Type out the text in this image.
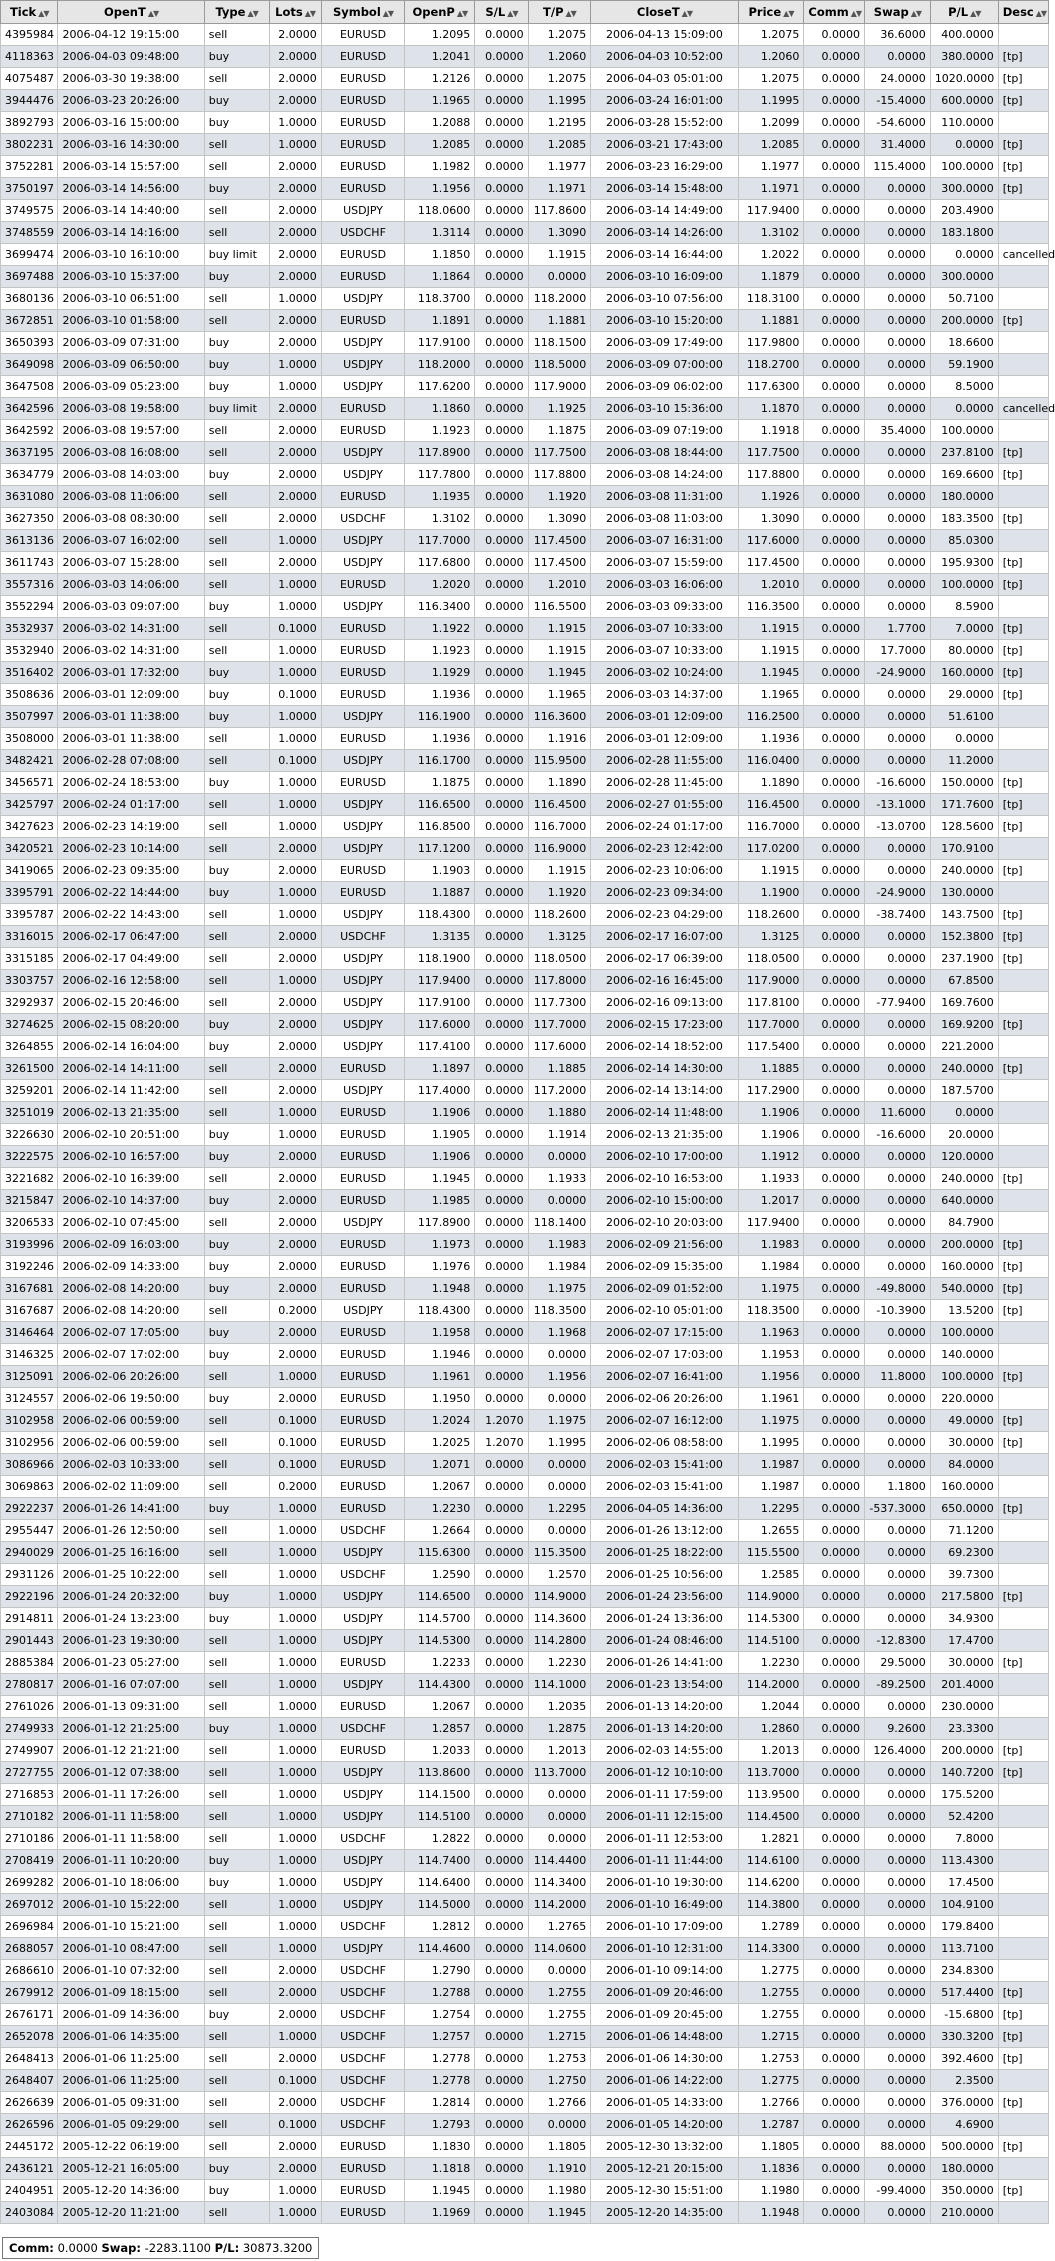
Tick ▲▼	OpenT ▲▼	Type ▲▼	Lots ▲▼	Symbol ▲▼	OpenP ▲▼	S/L ▲▼	T/P ▲▼	CloseT ▲▼	Price ▲▼	Comm ▲▼	Swap ▲▼	P/L ▲▼	Desc ▲▼
4395984	2006-04-12 19:15:00	sell	2.0000	EURUSD	1.2095	0.0000	1.2075	2006-04-13 15:09:00	1.2075	0.0000	36.6000	400.0000	
4118363	2006-04-03 09:48:00	buy	2.0000	EURUSD	1.2041	0.0000	1.2060	2006-04-03 10:52:00	1.2060	0.0000	0.0000	380.0000	[tp]
4075487	2006-03-30 19:38:00	sell	2.0000	EURUSD	1.2126	0.0000	1.2075	2006-04-03 05:01:00	1.2075	0.0000	24.0000	1020.0000	[tp]
3944476	2006-03-23 20:26:00	buy	2.0000	EURUSD	1.1965	0.0000	1.1995	2006-03-24 16:01:00	1.1995	0.0000	-15.4000	600.0000	[tp]
3892793	2006-03-16 15:00:00	buy	1.0000	EURUSD	1.2088	0.0000	1.2195	2006-03-28 15:52:00	1.2099	0.0000	-54.6000	110.0000	
3802231	2006-03-16 14:30:00	sell	1.0000	EURUSD	1.2085	0.0000	1.2085	2006-03-21 17:43:00	1.2085	0.0000	31.4000	0.0000	[tp]
3752281	2006-03-14 15:57:00	sell	2.0000	EURUSD	1.1982	0.0000	1.1977	2006-03-23 16:29:00	1.1977	0.0000	115.4000	100.0000	[tp]
3750197	2006-03-14 14:56:00	buy	2.0000	EURUSD	1.1956	0.0000	1.1971	2006-03-14 15:48:00	1.1971	0.0000	0.0000	300.0000	[tp]
3749575	2006-03-14 14:40:00	sell	2.0000	USDJPY	118.0600	0.0000	117.8600	2006-03-14 14:49:00	117.9400	0.0000	0.0000	203.4900	
3748559	2006-03-14 14:16:00	sell	2.0000	USDCHF	1.3114	0.0000	1.3090	2006-03-14 14:26:00	1.3102	0.0000	0.0000	183.1800	
3699474	2006-03-10 16:10:00	buy limit	2.0000	EURUSD	1.1850	0.0000	1.1915	2006-03-14 16:44:00	1.2022	0.0000	0.0000	0.0000	cancelled
3697488	2006-03-10 15:37:00	buy	2.0000	EURUSD	1.1864	0.0000	0.0000	2006-03-10 16:09:00	1.1879	0.0000	0.0000	300.0000	
3680136	2006-03-10 06:51:00	sell	1.0000	USDJPY	118.3700	0.0000	118.2000	2006-03-10 07:56:00	118.3100	0.0000	0.0000	50.7100	
3672851	2006-03-10 01:58:00	sell	2.0000	EURUSD	1.1891	0.0000	1.1881	2006-03-10 15:20:00	1.1881	0.0000	0.0000	200.0000	[tp]
3650393	2006-03-09 07:31:00	buy	2.0000	USDJPY	117.9100	0.0000	118.1500	2006-03-09 17:49:00	117.9800	0.0000	0.0000	18.6600	
3649098	2006-03-09 06:50:00	buy	1.0000	USDJPY	118.2000	0.0000	118.5000	2006-03-09 07:00:00	118.2700	0.0000	0.0000	59.1900	
3647508	2006-03-09 05:23:00	buy	1.0000	USDJPY	117.6200	0.0000	117.9000	2006-03-09 06:02:00	117.6300	0.0000	0.0000	8.5000	
3642596	2006-03-08 19:58:00	buy limit	2.0000	EURUSD	1.1860	0.0000	1.1925	2006-03-10 15:36:00	1.1870	0.0000	0.0000	0.0000	cancelled
3642592	2006-03-08 19:57:00	sell	2.0000	EURUSD	1.1923	0.0000	1.1875	2006-03-09 07:19:00	1.1918	0.0000	35.4000	100.0000	
3637195	2006-03-08 16:08:00	sell	2.0000	USDJPY	117.8900	0.0000	117.7500	2006-03-08 18:44:00	117.7500	0.0000	0.0000	237.8100	[tp]
3634779	2006-03-08 14:03:00	buy	2.0000	USDJPY	117.7800	0.0000	117.8800	2006-03-08 14:24:00	117.8800	0.0000	0.0000	169.6600	[tp]
3631080	2006-03-08 11:06:00	sell	2.0000	EURUSD	1.1935	0.0000	1.1920	2006-03-08 11:31:00	1.1926	0.0000	0.0000	180.0000	
3627350	2006-03-08 08:30:00	sell	2.0000	USDCHF	1.3102	0.0000	1.3090	2006-03-08 11:03:00	1.3090	0.0000	0.0000	183.3500	[tp]
3613136	2006-03-07 16:02:00	sell	1.0000	USDJPY	117.7000	0.0000	117.4500	2006-03-07 16:31:00	117.6000	0.0000	0.0000	85.0300	
3611743	2006-03-07 15:28:00	sell	2.0000	USDJPY	117.6800	0.0000	117.4500	2006-03-07 15:59:00	117.4500	0.0000	0.0000	195.9300	[tp]
3557316	2006-03-03 14:06:00	sell	1.0000	EURUSD	1.2020	0.0000	1.2010	2006-03-03 16:06:00	1.2010	0.0000	0.0000	100.0000	[tp]
3552294	2006-03-03 09:07:00	buy	1.0000	USDJPY	116.3400	0.0000	116.5500	2006-03-03 09:33:00	116.3500	0.0000	0.0000	8.5900	
3532937	2006-03-02 14:31:00	sell	0.1000	EURUSD	1.1922	0.0000	1.1915	2006-03-07 10:33:00	1.1915	0.0000	1.7700	7.0000	[tp]
3532940	2006-03-02 14:31:00	sell	1.0000	EURUSD	1.1923	0.0000	1.1915	2006-03-07 10:33:00	1.1915	0.0000	17.7000	80.0000	[tp]
3516402	2006-03-01 17:32:00	buy	1.0000	EURUSD	1.1929	0.0000	1.1945	2006-03-02 10:24:00	1.1945	0.0000	-24.9000	160.0000	[tp]
3508636	2006-03-01 12:09:00	buy	0.1000	EURUSD	1.1936	0.0000	1.1965	2006-03-03 14:37:00	1.1965	0.0000	0.0000	29.0000	[tp]
3507997	2006-03-01 11:38:00	buy	1.0000	USDJPY	116.1900	0.0000	116.3600	2006-03-01 12:09:00	116.2500	0.0000	0.0000	51.6100	
3508000	2006-03-01 11:38:00	sell	1.0000	EURUSD	1.1936	0.0000	1.1916	2006-03-01 12:09:00	1.1936	0.0000	0.0000	0.0000	
3482421	2006-02-28 07:08:00	sell	0.1000	USDJPY	116.1700	0.0000	115.9500	2006-02-28 11:55:00	116.0400	0.0000	0.0000	11.2000	
3456571	2006-02-24 18:53:00	buy	1.0000	EURUSD	1.1875	0.0000	1.1890	2006-02-28 11:45:00	1.1890	0.0000	-16.6000	150.0000	[tp]
3425797	2006-02-24 01:17:00	sell	1.0000	USDJPY	116.6500	0.0000	116.4500	2006-02-27 01:55:00	116.4500	0.0000	-13.1000	171.7600	[tp]
3427623	2006-02-23 14:19:00	sell	1.0000	USDJPY	116.8500	0.0000	116.7000	2006-02-24 01:17:00	116.7000	0.0000	-13.0700	128.5600	[tp]
3420521	2006-02-23 10:14:00	sell	2.0000	USDJPY	117.1200	0.0000	116.9000	2006-02-23 12:42:00	117.0200	0.0000	0.0000	170.9100	
3419065	2006-02-23 09:35:00	buy	2.0000	EURUSD	1.1903	0.0000	1.1915	2006-02-23 10:06:00	1.1915	0.0000	0.0000	240.0000	[tp]
3395791	2006-02-22 14:44:00	buy	1.0000	EURUSD	1.1887	0.0000	1.1920	2006-02-23 09:34:00	1.1900	0.0000	-24.9000	130.0000	
3395787	2006-02-22 14:43:00	sell	1.0000	USDJPY	118.4300	0.0000	118.2600	2006-02-23 04:29:00	118.2600	0.0000	-38.7400	143.7500	[tp]
3316015	2006-02-17 06:47:00	sell	2.0000	USDCHF	1.3135	0.0000	1.3125	2006-02-17 16:07:00	1.3125	0.0000	0.0000	152.3800	[tp]
3315185	2006-02-17 04:49:00	sell	2.0000	USDJPY	118.1900	0.0000	118.0500	2006-02-17 06:39:00	118.0500	0.0000	0.0000	237.1900	[tp]
3303757	2006-02-16 12:58:00	sell	1.0000	USDJPY	117.9400	0.0000	117.8000	2006-02-16 16:45:00	117.9000	0.0000	0.0000	67.8500	
3292937	2006-02-15 20:46:00	sell	2.0000	USDJPY	117.9100	0.0000	117.7300	2006-02-16 09:13:00	117.8100	0.0000	-77.9400	169.7600	
3274625	2006-02-15 08:20:00	buy	2.0000	USDJPY	117.6000	0.0000	117.7000	2006-02-15 17:23:00	117.7000	0.0000	0.0000	169.9200	[tp]
3264855	2006-02-14 16:04:00	buy	2.0000	USDJPY	117.4100	0.0000	117.6000	2006-02-14 18:52:00	117.5400	0.0000	0.0000	221.2000	
3261500	2006-02-14 14:11:00	sell	2.0000	EURUSD	1.1897	0.0000	1.1885	2006-02-14 14:30:00	1.1885	0.0000	0.0000	240.0000	[tp]
3259201	2006-02-14 11:42:00	sell	2.0000	USDJPY	117.4000	0.0000	117.2000	2006-02-14 13:14:00	117.2900	0.0000	0.0000	187.5700	
3251019	2006-02-13 21:35:00	sell	1.0000	EURUSD	1.1906	0.0000	1.1880	2006-02-14 11:48:00	1.1906	0.0000	11.6000	0.0000	
3226630	2006-02-10 20:51:00	buy	1.0000	EURUSD	1.1905	0.0000	1.1914	2006-02-13 21:35:00	1.1906	0.0000	-16.6000	20.0000	
3222575	2006-02-10 16:57:00	buy	2.0000	EURUSD	1.1906	0.0000	0.0000	2006-02-10 17:00:00	1.1912	0.0000	0.0000	120.0000	
3221682	2006-02-10 16:39:00	sell	2.0000	EURUSD	1.1945	0.0000	1.1933	2006-02-10 16:53:00	1.1933	0.0000	0.0000	240.0000	[tp]
3215847	2006-02-10 14:37:00	buy	2.0000	EURUSD	1.1985	0.0000	0.0000	2006-02-10 15:00:00	1.2017	0.0000	0.0000	640.0000	
3206533	2006-02-10 07:45:00	sell	2.0000	USDJPY	117.8900	0.0000	118.1400	2006-02-10 20:03:00	117.9400	0.0000	0.0000	84.7900	
3193996	2006-02-09 16:03:00	buy	2.0000	EURUSD	1.1973	0.0000	1.1983	2006-02-09 21:56:00	1.1983	0.0000	0.0000	200.0000	[tp]
3192246	2006-02-09 14:33:00	buy	2.0000	EURUSD	1.1976	0.0000	1.1984	2006-02-09 15:35:00	1.1984	0.0000	0.0000	160.0000	[tp]
3167681	2006-02-08 14:20:00	buy	2.0000	EURUSD	1.1948	0.0000	1.1975	2006-02-09 01:52:00	1.1975	0.0000	-49.8000	540.0000	[tp]
3167687	2006-02-08 14:20:00	sell	0.2000	USDJPY	118.4300	0.0000	118.3500	2006-02-10 05:01:00	118.3500	0.0000	-10.3900	13.5200	[tp]
3146464	2006-02-07 17:05:00	buy	2.0000	EURUSD	1.1958	0.0000	1.1968	2006-02-07 17:15:00	1.1963	0.0000	0.0000	100.0000	
3146325	2006-02-07 17:02:00	buy	2.0000	EURUSD	1.1946	0.0000	0.0000	2006-02-07 17:03:00	1.1953	0.0000	0.0000	140.0000	
3125091	2006-02-06 20:26:00	sell	1.0000	EURUSD	1.1961	0.0000	1.1956	2006-02-07 16:41:00	1.1956	0.0000	11.8000	100.0000	[tp]
3124557	2006-02-06 19:50:00	buy	2.0000	EURUSD	1.1950	0.0000	0.0000	2006-02-06 20:26:00	1.1961	0.0000	0.0000	220.0000	
3102958	2006-02-06 00:59:00	sell	0.1000	EURUSD	1.2024	1.2070	1.1975	2006-02-07 16:12:00	1.1975	0.0000	0.0000	49.0000	[tp]
3102956	2006-02-06 00:59:00	sell	0.1000	EURUSD	1.2025	1.2070	1.1995	2006-02-06 08:58:00	1.1995	0.0000	0.0000	30.0000	[tp]
3086966	2006-02-03 10:33:00	sell	0.1000	EURUSD	1.2071	0.0000	0.0000	2006-02-03 15:41:00	1.1987	0.0000	0.0000	84.0000	
3069863	2006-02-02 11:09:00	sell	0.2000	EURUSD	1.2067	0.0000	0.0000	2006-02-03 15:41:00	1.1987	0.0000	1.1800	160.0000	
2922237	2006-01-26 14:41:00	buy	1.0000	EURUSD	1.2230	0.0000	1.2295	2006-04-05 14:36:00	1.2295	0.0000	-537.3000	650.0000	[tp]
2955447	2006-01-26 12:50:00	sell	1.0000	USDCHF	1.2664	0.0000	0.0000	2006-01-26 13:12:00	1.2655	0.0000	0.0000	71.1200	
2940029	2006-01-25 16:16:00	sell	1.0000	USDJPY	115.6300	0.0000	115.3500	2006-01-25 18:22:00	115.5500	0.0000	0.0000	69.2300	
2931126	2006-01-25 10:22:00	sell	1.0000	USDCHF	1.2590	0.0000	1.2570	2006-01-25 10:56:00	1.2585	0.0000	0.0000	39.7300	
2922196	2006-01-24 20:32:00	buy	1.0000	USDJPY	114.6500	0.0000	114.9000	2006-01-24 23:56:00	114.9000	0.0000	0.0000	217.5800	[tp]
2914811	2006-01-24 13:23:00	buy	1.0000	USDJPY	114.5700	0.0000	114.3600	2006-01-24 13:36:00	114.5300	0.0000	0.0000	34.9300	
2901443	2006-01-23 19:30:00	sell	1.0000	USDJPY	114.5300	0.0000	114.2800	2006-01-24 08:46:00	114.5100	0.0000	-12.8300	17.4700	
2885384	2006-01-23 05:27:00	sell	1.0000	EURUSD	1.2233	0.0000	1.2230	2006-01-26 14:41:00	1.2230	0.0000	29.5000	30.0000	[tp]
2780817	2006-01-16 07:07:00	sell	1.0000	USDJPY	114.4300	0.0000	114.1000	2006-01-23 13:54:00	114.2000	0.0000	-89.2500	201.4000	
2761026	2006-01-13 09:31:00	sell	1.0000	EURUSD	1.2067	0.0000	1.2035	2006-01-13 14:20:00	1.2044	0.0000	0.0000	230.0000	
2749933	2006-01-12 21:25:00	buy	1.0000	USDCHF	1.2857	0.0000	1.2875	2006-01-13 14:20:00	1.2860	0.0000	9.2600	23.3300	
2749907	2006-01-12 21:21:00	sell	1.0000	EURUSD	1.2033	0.0000	1.2013	2006-02-03 14:55:00	1.2013	0.0000	126.4000	200.0000	[tp]
2727755	2006-01-12 07:38:00	sell	1.0000	USDJPY	113.8600	0.0000	113.7000	2006-01-12 10:10:00	113.7000	0.0000	0.0000	140.7200	[tp]
2716853	2006-01-11 17:26:00	sell	1.0000	USDJPY	114.1500	0.0000	0.0000	2006-01-11 17:59:00	113.9500	0.0000	0.0000	175.5200	
2710182	2006-01-11 11:58:00	sell	1.0000	USDJPY	114.5100	0.0000	0.0000	2006-01-11 12:15:00	114.4500	0.0000	0.0000	52.4200	
2710186	2006-01-11 11:58:00	sell	1.0000	USDCHF	1.2822	0.0000	0.0000	2006-01-11 12:53:00	1.2821	0.0000	0.0000	7.8000	
2708419	2006-01-11 10:20:00	buy	1.0000	USDJPY	114.7400	0.0000	114.4400	2006-01-11 11:44:00	114.6100	0.0000	0.0000	113.4300	
2699282	2006-01-10 18:06:00	buy	1.0000	USDJPY	114.6400	0.0000	114.3400	2006-01-10 19:30:00	114.6200	0.0000	0.0000	17.4500	
2697012	2006-01-10 15:22:00	sell	1.0000	USDJPY	114.5000	0.0000	114.2000	2006-01-10 16:49:00	114.3800	0.0000	0.0000	104.9100	
2696984	2006-01-10 15:21:00	sell	1.0000	USDCHF	1.2812	0.0000	1.2765	2006-01-10 17:09:00	1.2789	0.0000	0.0000	179.8400	
2688057	2006-01-10 08:47:00	sell	1.0000	USDJPY	114.4600	0.0000	114.0600	2006-01-10 12:31:00	114.3300	0.0000	0.0000	113.7100	
2686610	2006-01-10 07:32:00	sell	2.0000	USDCHF	1.2790	0.0000	0.0000	2006-01-10 09:14:00	1.2775	0.0000	0.0000	234.8300	
2679912	2006-01-09 18:15:00	sell	2.0000	USDCHF	1.2788	0.0000	1.2755	2006-01-09 20:46:00	1.2755	0.0000	0.0000	517.4400	[tp]
2676171	2006-01-09 14:36:00	buy	2.0000	USDCHF	1.2754	0.0000	1.2755	2006-01-09 20:45:00	1.2755	0.0000	0.0000	-15.6800	[tp]
2652078	2006-01-06 14:35:00	sell	1.0000	USDCHF	1.2757	0.0000	1.2715	2006-01-06 14:48:00	1.2715	0.0000	0.0000	330.3200	[tp]
2648413	2006-01-06 11:25:00	sell	2.0000	USDCHF	1.2778	0.0000	1.2753	2006-01-06 14:30:00	1.2753	0.0000	0.0000	392.4600	[tp]
2648407	2006-01-06 11:25:00	sell	0.1000	USDCHF	1.2778	0.0000	1.2750	2006-01-06 14:22:00	1.2775	0.0000	0.0000	2.3500	
2626639	2006-01-05 09:31:00	sell	2.0000	USDCHF	1.2814	0.0000	1.2766	2006-01-05 14:33:00	1.2766	0.0000	0.0000	376.0000	[tp]
2626596	2006-01-05 09:29:00	sell	0.1000	USDCHF	1.2793	0.0000	0.0000	2006-01-05 14:20:00	1.2787	0.0000	0.0000	4.6900	
2445172	2005-12-22 06:19:00	sell	2.0000	EURUSD	1.1830	0.0000	1.1805	2005-12-30 13:32:00	1.1805	0.0000	88.0000	500.0000	[tp]
2436121	2005-12-21 16:05:00	buy	2.0000	EURUSD	1.1818	0.0000	1.1910	2005-12-21 20:15:00	1.1836	0.0000	0.0000	180.0000	
2404951	2005-12-20 14:36:00	buy	1.0000	EURUSD	1.1945	0.0000	1.1980	2005-12-30 15:51:00	1.1980	0.0000	-99.4000	350.0000	[tp]
2403084	2005-12-20 11:21:00	sell	1.0000	EURUSD	1.1969	0.0000	1.1945	2005-12-20 14:35:00	1.1948	0.0000	0.0000	210.0000	
Comm: 0.0000 Swap: -2283.1100 P/L: 30873.3200
